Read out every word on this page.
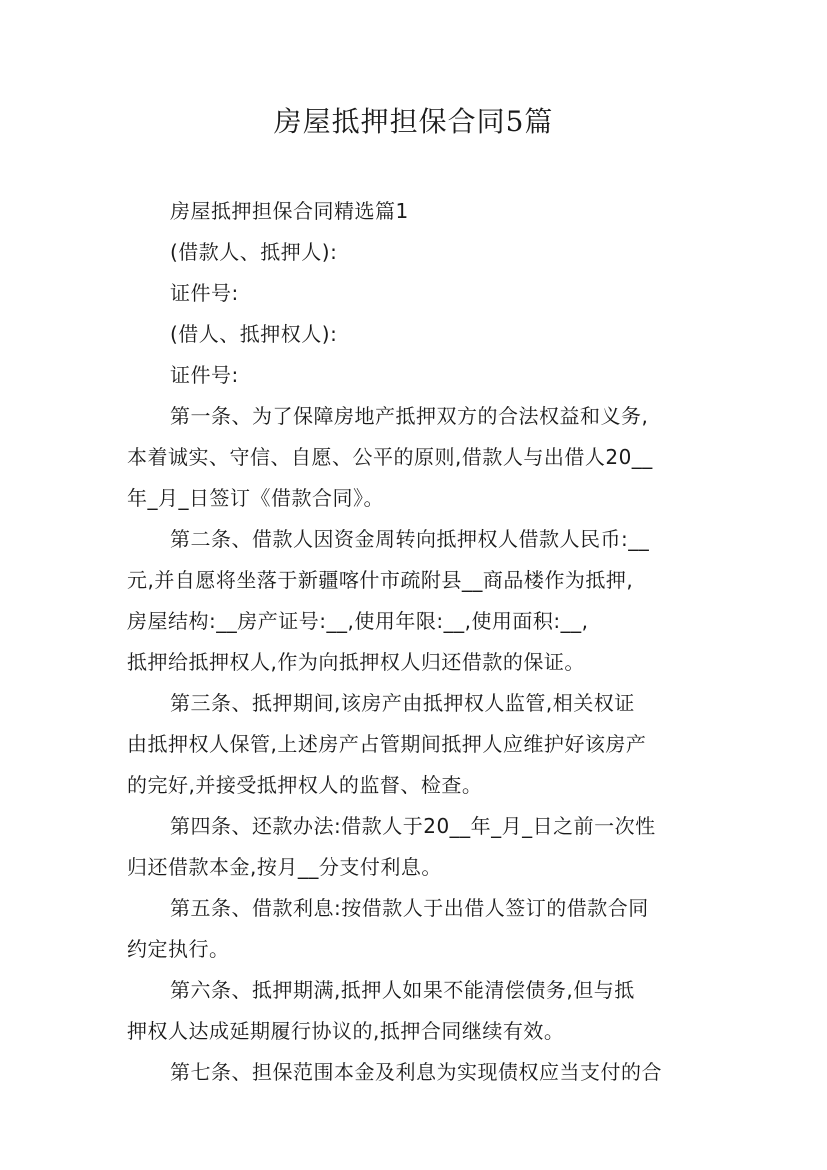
房屋抵押担保合同5篇
房屋抵押担保合同精选篇1
(借款人、抵押人):
证件号:
(借人、抵押权人):
证件号:
第一条、为了保障房地产抵押双方的合法权益和义务,
本着诚实、守信、自愿、公平的原则,借款人与出借人20__
年_月_日签订《借款合同》。
第二条、借款人因资金周转向抵押权人借款人民币:__
元,并自愿将坐落于新疆喀什市疏附县__商品楼作为抵押,
房屋结构:__房产证号:__,使用年限:__,使用面积:__,
抵押给抵押权人,作为向抵押权人归还借款的保证。
第三条、抵押期间,该房产由抵押权人监管,相关权证
由抵押权人保管,上述房产占管期间抵押人应维护好该房产
的完好,并接受抵押权人的监督、检查。
第四条、还款办法:借款人于20__年_月_日之前一次性
归还借款本金,按月__分支付利息。
第五条、借款利息:按借款人于出借人签订的借款合同
约定执行。
第六条、抵押期满,抵押人如果不能清偿债务,但与抵
押权人达成延期履行协议的,抵押合同继续有效。
第七条、担保范围本金及利息为实现债权应当支付的合
